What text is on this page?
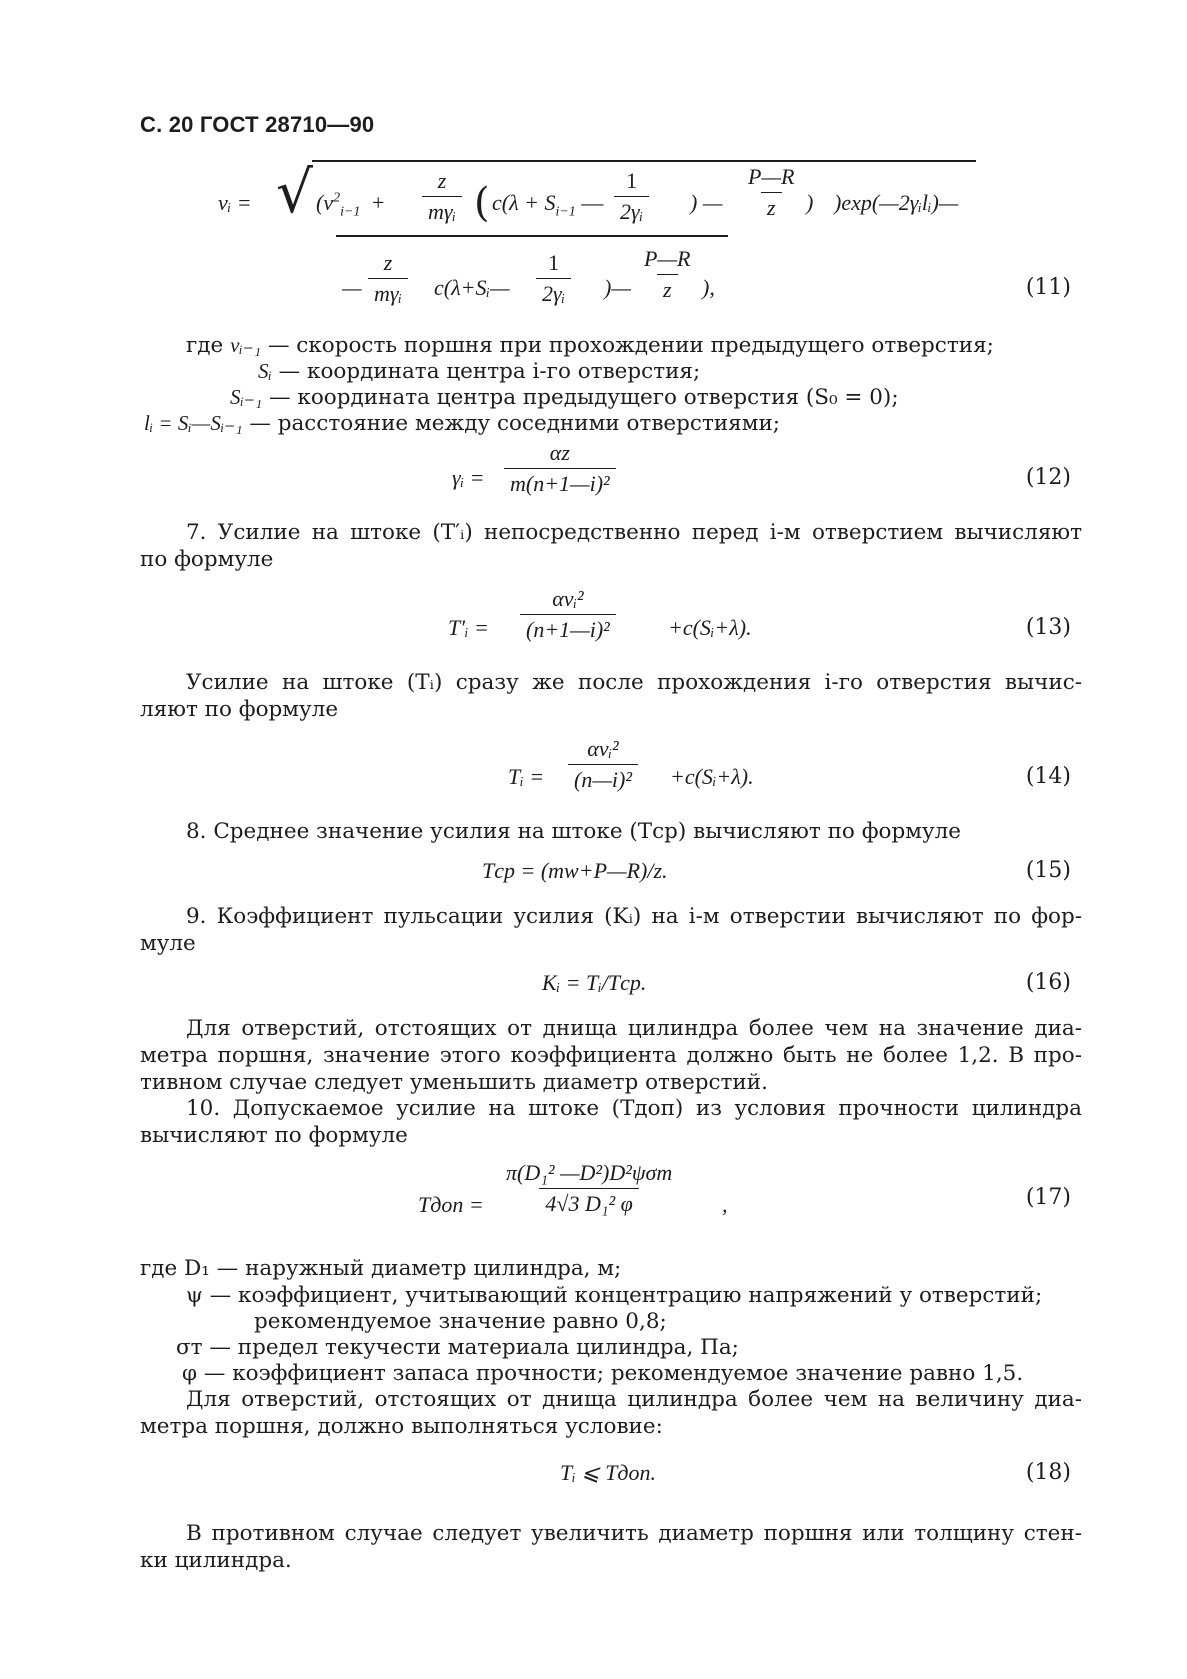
С. 20 ГОСТ 28710—90
vᵢ = √ ($v^2_{i-1} + \frac{z}{\text{mγᵢ}}$ ( $c(\lambda + S_{i-1}$ — $\frac{1}{\text{2γᵢ}}$ ) — $\frac{P—R}{z}$ ) )exp(—2γᵢlᵢ)—
— $\frac{z}{\text{mγᵢ}}$ c(λ+Sᵢ— $\frac{1}{\text{2γᵢ}}$ )— $\frac{P—R}{z}$ ),	(11)
где vᵢ₋₁ — скорость поршня при прохождении предыдущего отверстия;
Sᵢ — координата центра i-го отверстия;
Sᵢ₋₁ — координата центра предыдущего отверстия (S₀ = 0);
lᵢ = Sᵢ—Sᵢ₋₁ — расстояние между соседними отверстиями;
γᵢ = $\frac{\alpha z}{\text{m(n+1—i)²}}$	(12)
7. Усилие на штоке (T′ᵢ) непосредственно перед i-м отверстием вычисляют
по формуле
T′ᵢ = $\frac{\text{αvᵢ²}}{\text{(n+1—i)²}}$ +c(Sᵢ+λ).	(13)
Усилие на штоке (Tᵢ) сразу же после прохождения i-го отверстия вычис-
ляют по формуле
Tᵢ = $\frac{\text{αvᵢ²}}{\text{(n—i)²}}$ +c(Sᵢ+λ).	(14)
8. Среднее значение усилия на штоке (Tср) вычисляют по формуле
Tср = (mw+P—R)/z.	(15)
9. Коэффициент пульсации усилия (Kᵢ) на i-м отверстии вычисляют по фор-
муле
Kᵢ = Tᵢ/Tср.	(16)
Для отверстий, отстоящих от днища цилиндра более чем на значение диа-
метра поршня, значение этого коэффициента должно быть не более 1,2. В про-
тивном случае следует уменьшить диаметр отверстий.
10. Допускаемое усилие на штоке (Tдоп) из условия прочности цилиндра
вычисляют по формуле
Tдоп = $\frac{\text{π(D₁² —D²)D²ψσт}}{\text{4√3 D₁² φ}}$ ,	(17)
где D₁ — наружный диаметр цилиндра, м;
ψ — коэффициент, учитывающий концентрацию напряжений у отверстий;
рекомендуемое значение равно 0,8;
σт — предел текучести материала цилиндра, Па;
φ — коэффициент запаса прочности; рекомендуемое значение равно 1,5.
Для отверстий, отстоящих от днища цилиндра более чем на величину диа-
метра поршня, должно выполняться условие:
Tᵢ ⩽ Tдоп.	(18)
В противном случае следует увеличить диаметр поршня или толщину стен-
ки цилиндра.
